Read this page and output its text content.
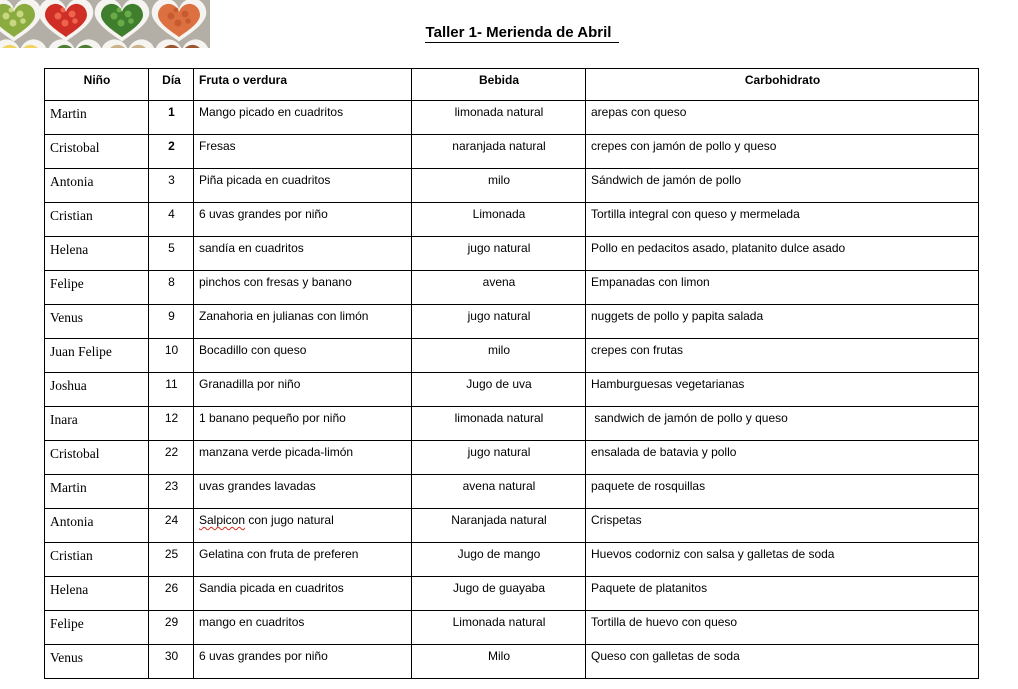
Taller 1- Merienda de Abril
Niño	Día	Fruta o verdura	Bebida	Carbohidrato
Martin	1	Mango picado en cuadritos	limonada natural	arepas con queso
Cristobal	2	Fresas	naranjada natural	crepes con jamón de pollo y queso
Antonia	3	Piña picada en cuadritos	milo	Sándwich de jamón de pollo
Cristian	4	6 uvas grandes por niño	Limonada	Tortilla integral con queso y mermelada
Helena	5	sandía en cuadritos	jugo natural	Pollo en pedacitos asado, platanito dulce asado
Felipe	8	pinchos con fresas y banano	avena	Empanadas con limon
Venus	9	Zanahoria en julianas con limón	jugo natural	nuggets de pollo y papita salada
Juan Felipe	10	Bocadillo con queso	milo	crepes con frutas
Joshua	11	Granadilla por niño	Jugo de uva	Hamburguesas vegetarianas
Inara	12	1 banano pequeño por niño	limonada natural	sandwich de jamón de pollo y queso
Cristobal	22	manzana verde picada-limón	jugo natural	ensalada de batavia y pollo
Martin	23	uvas grandes lavadas	avena natural	paquete de rosquillas
Antonia	24	Salpicon con jugo natural	Naranjada natural	Crispetas
Cristian	25	Gelatina con fruta de preferen	Jugo de mango	Huevos codorniz con salsa y galletas de soda
Helena	26	Sandia picada en cuadritos	Jugo de guayaba	Paquete de platanitos
Felipe	29	mango en cuadritos	Limonada natural	Tortilla de huevo con queso
Venus	30	6 uvas grandes por niño	Milo	Queso con galletas de soda
